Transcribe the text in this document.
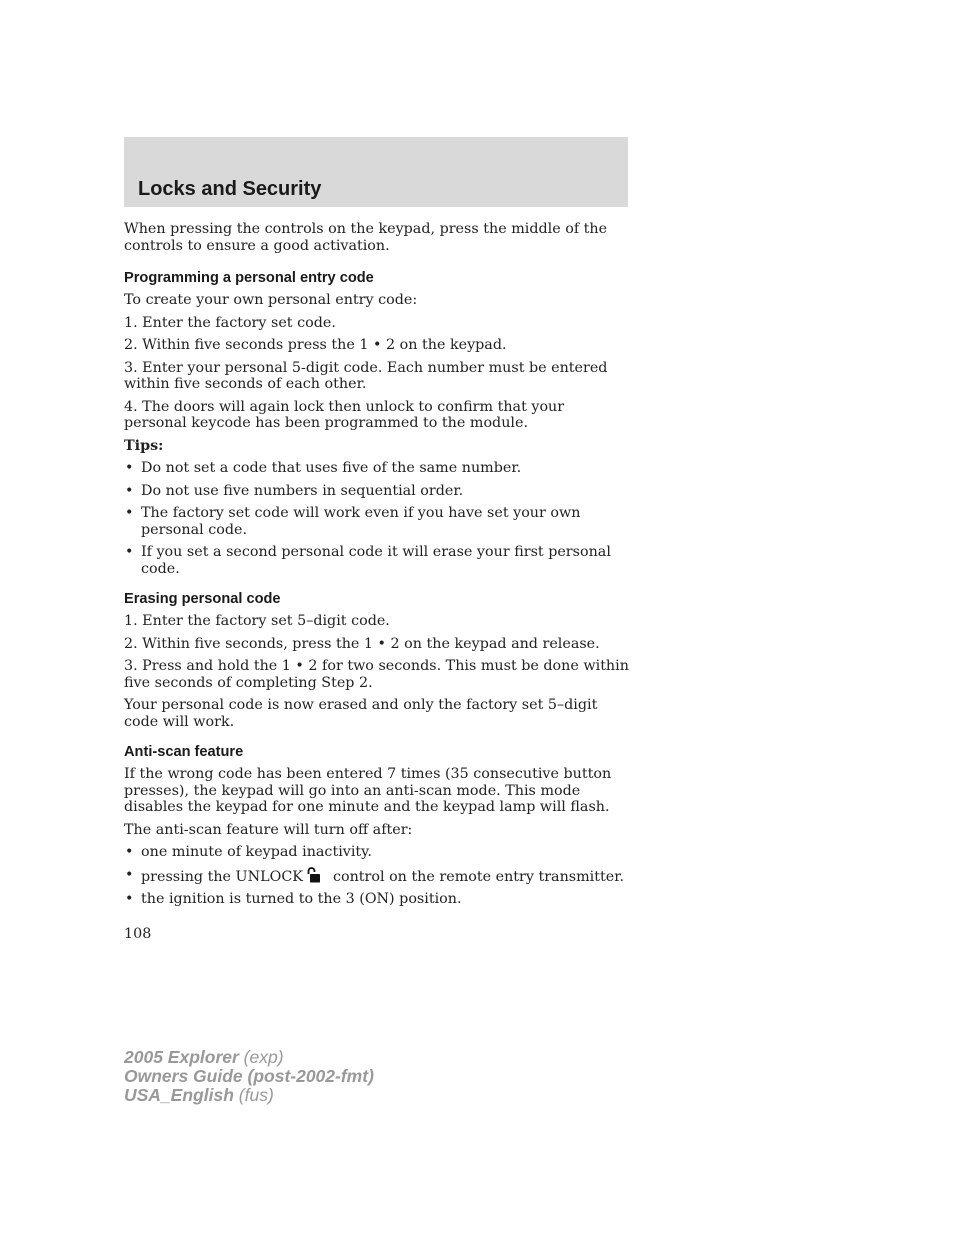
Locks and Security

When pressing the controls on the keypad, press the middle of the controls to ensure a good activation.

Programming a personal entry code

To create your own personal entry code:

1. Enter the factory set code.

2. Within five seconds press the 1 • 2 on the keypad.

3. Enter your personal 5-digit code. Each number must be entered within five seconds of each other.

4. The doors will again lock then unlock to confirm that your personal keycode has been programmed to the module.

Tips:

• Do not set a code that uses five of the same number.
• Do not use five numbers in sequential order.
• The factory set code will work even if you have set your own personal code.
• If you set a second personal code it will erase your first personal code.
Erasing personal code

1. Enter the factory set 5–digit code.

2. Within five seconds, press the 1 • 2 on the keypad and release.

3. Press and hold the 1 • 2 for two seconds. This must be done within five seconds of completing Step 2.

Your personal code is now erased and only the factory set 5–digit code will work.

Anti-scan feature

If the wrong code has been entered 7 times (35 consecutive button presses), the keypad will go into an anti-scan mode. This mode disables the keypad for one minute and the keypad lamp will flash.

The anti-scan feature will turn off after:

• one minute of keypad inactivity.
• pressing the UNLOCK control on the remote entry transmitter.
• the ignition is turned to the 3 (ON) position.
108
2005 Explorer (exp)
Owners Guide (post-2002-fmt)
USA_English (fus)
